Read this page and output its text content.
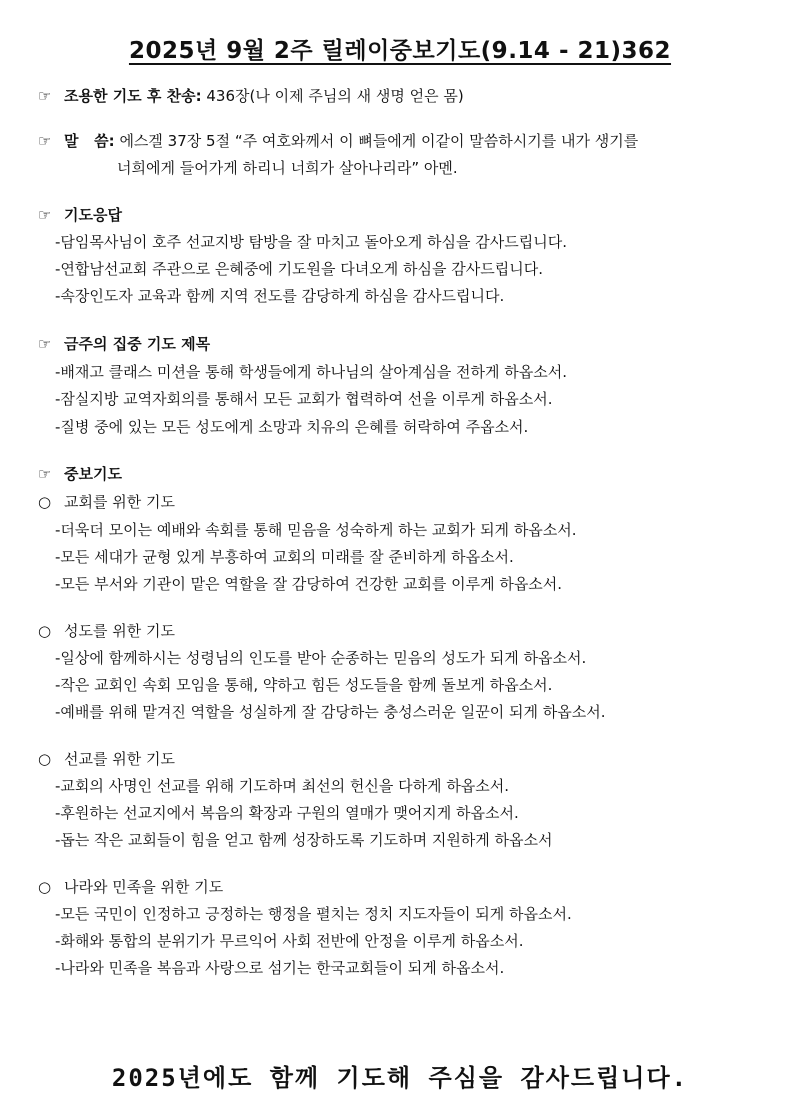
2025년 9월 2주 릴레이중보기도(9.14 - 21)362
☞ 조용한 기도 후 찬송: 436장(나 이제 주님의 새 생명 얻은 몸)
☞ 말   씀: 에스겔 37장 5절 “주 여호와께서 이 뼈들에게 이같이 말씀하시기를 내가 생기를
너희에게 들어가게 하리니 너희가 살아나리라” 아멘.
☞ 기도응답
-담임목사님이 호주 선교지방 탐방을 잘 마치고 돌아오게 하심을 감사드립니다.
-연합남선교회 주관으로 은혜중에 기도원을 다녀오게 하심을 감사드립니다.
-속장인도자 교육과 함께 지역 전도를 감당하게 하심을 감사드립니다.
☞ 금주의 집중 기도 제목
-배재고 클래스 미션을 통해 학생들에게 하나님의 살아계심을 전하게 하옵소서.
-잠실지방 교역자회의를 통해서 모든 교회가 협력하여 선을 이루게 하옵소서.
-질병 중에 있는 모든 성도에게 소망과 치유의 은혜를 허락하여 주옵소서.
☞ 중보기도
○ 교회를 위한 기도
-더욱더 모이는 예배와 속회를 통해 믿음을 성숙하게 하는 교회가 되게 하옵소서.
-모든 세대가 균형 있게 부흥하여 교회의 미래를 잘 준비하게 하옵소서.
-모든 부서와 기관이 맡은 역할을 잘 감당하여 건강한 교회를 이루게 하옵소서.
○ 성도를 위한 기도
-일상에 함께하시는 성령님의 인도를 받아 순종하는 믿음의 성도가 되게 하옵소서.
-작은 교회인 속회 모임을 통해, 약하고 힘든 성도들을 함께 돌보게 하옵소서.
-예배를 위해 맡겨진 역할을 성실하게 잘 감당하는 충성스러운 일꾼이 되게 하옵소서.
○ 선교를 위한 기도
-교회의 사명인 선교를 위해 기도하며 최선의 헌신을 다하게 하옵소서.
-후원하는 선교지에서 복음의 확장과 구원의 열매가 맺어지게 하옵소서.
-돕는 작은 교회들이 힘을 얻고 함께 성장하도록 기도하며 지원하게 하옵소서
○ 나라와 민족을 위한 기도
-모든 국민이 인정하고 긍정하는 행정을 펼치는 정치 지도자들이 되게 하옵소서.
-화해와 통합의 분위기가 무르익어 사회 전반에 안정을 이루게 하옵소서.
-나라와 민족을 복음과 사랑으로 섬기는 한국교회들이 되게 하옵소서.
2025년에도 함께 기도해 주심을 감사드립니다.
